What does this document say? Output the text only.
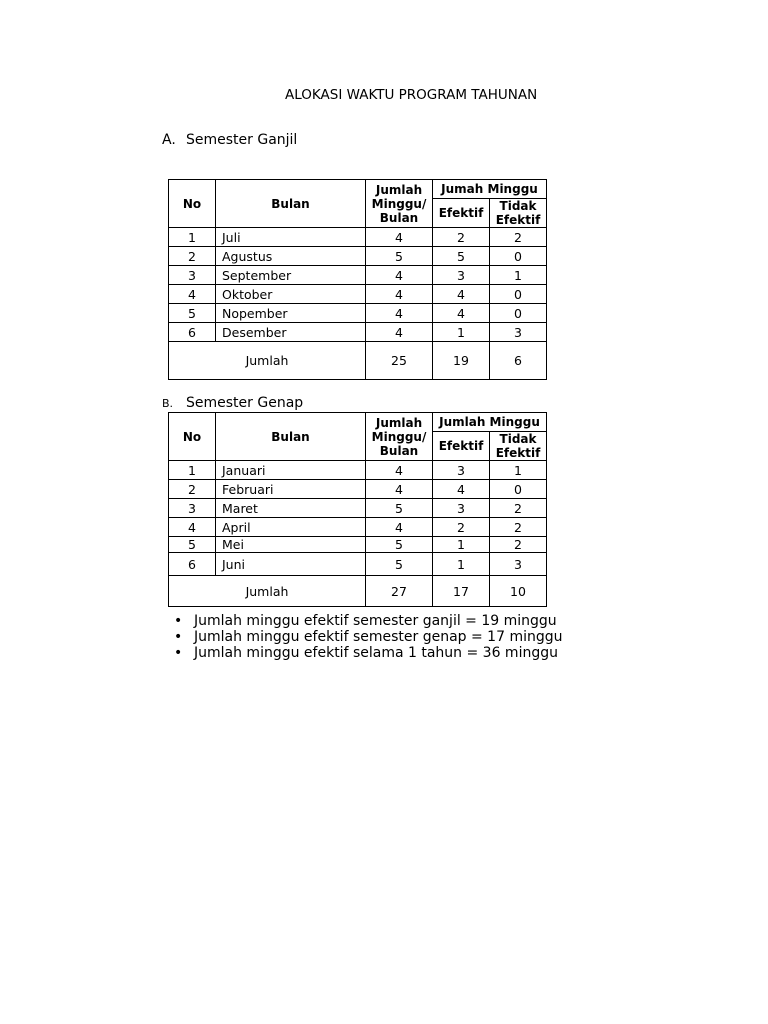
ALOKASI WAKTU PROGRAM TAHUNAN
A. Semester Ganjil
No	Bulan	Jumlah Minggu/ Bulan	Jumah Minggu	
			Efektif	Tidak Efektif
1	Juli	4	2	2
2	Agustus	5	5	0
3	September	4	3	1
4	Oktober	4	4	0
5	Nopember	4	4	0
6	Desember	4	1	3
Jumlah		25	19	6
B. Semester Genap
No	Bulan	Jumlah Minggu/ Bulan	Jumlah Minggu	
			Efektif	Tidak Efektif
1	Januari	4	3	1
2	Februari	4	4	0
3	Maret	5	3	2
4	April	4	2	2
5	Mei	5	1	2
6	Juni	5	1	3
Jumlah		27	17	10
• Jumlah minggu efektif semester ganjil = 19 minggu
• Jumlah minggu efektif semester genap = 17 minggu
• Jumlah minggu efektif selama 1 tahun = 36 minggu
